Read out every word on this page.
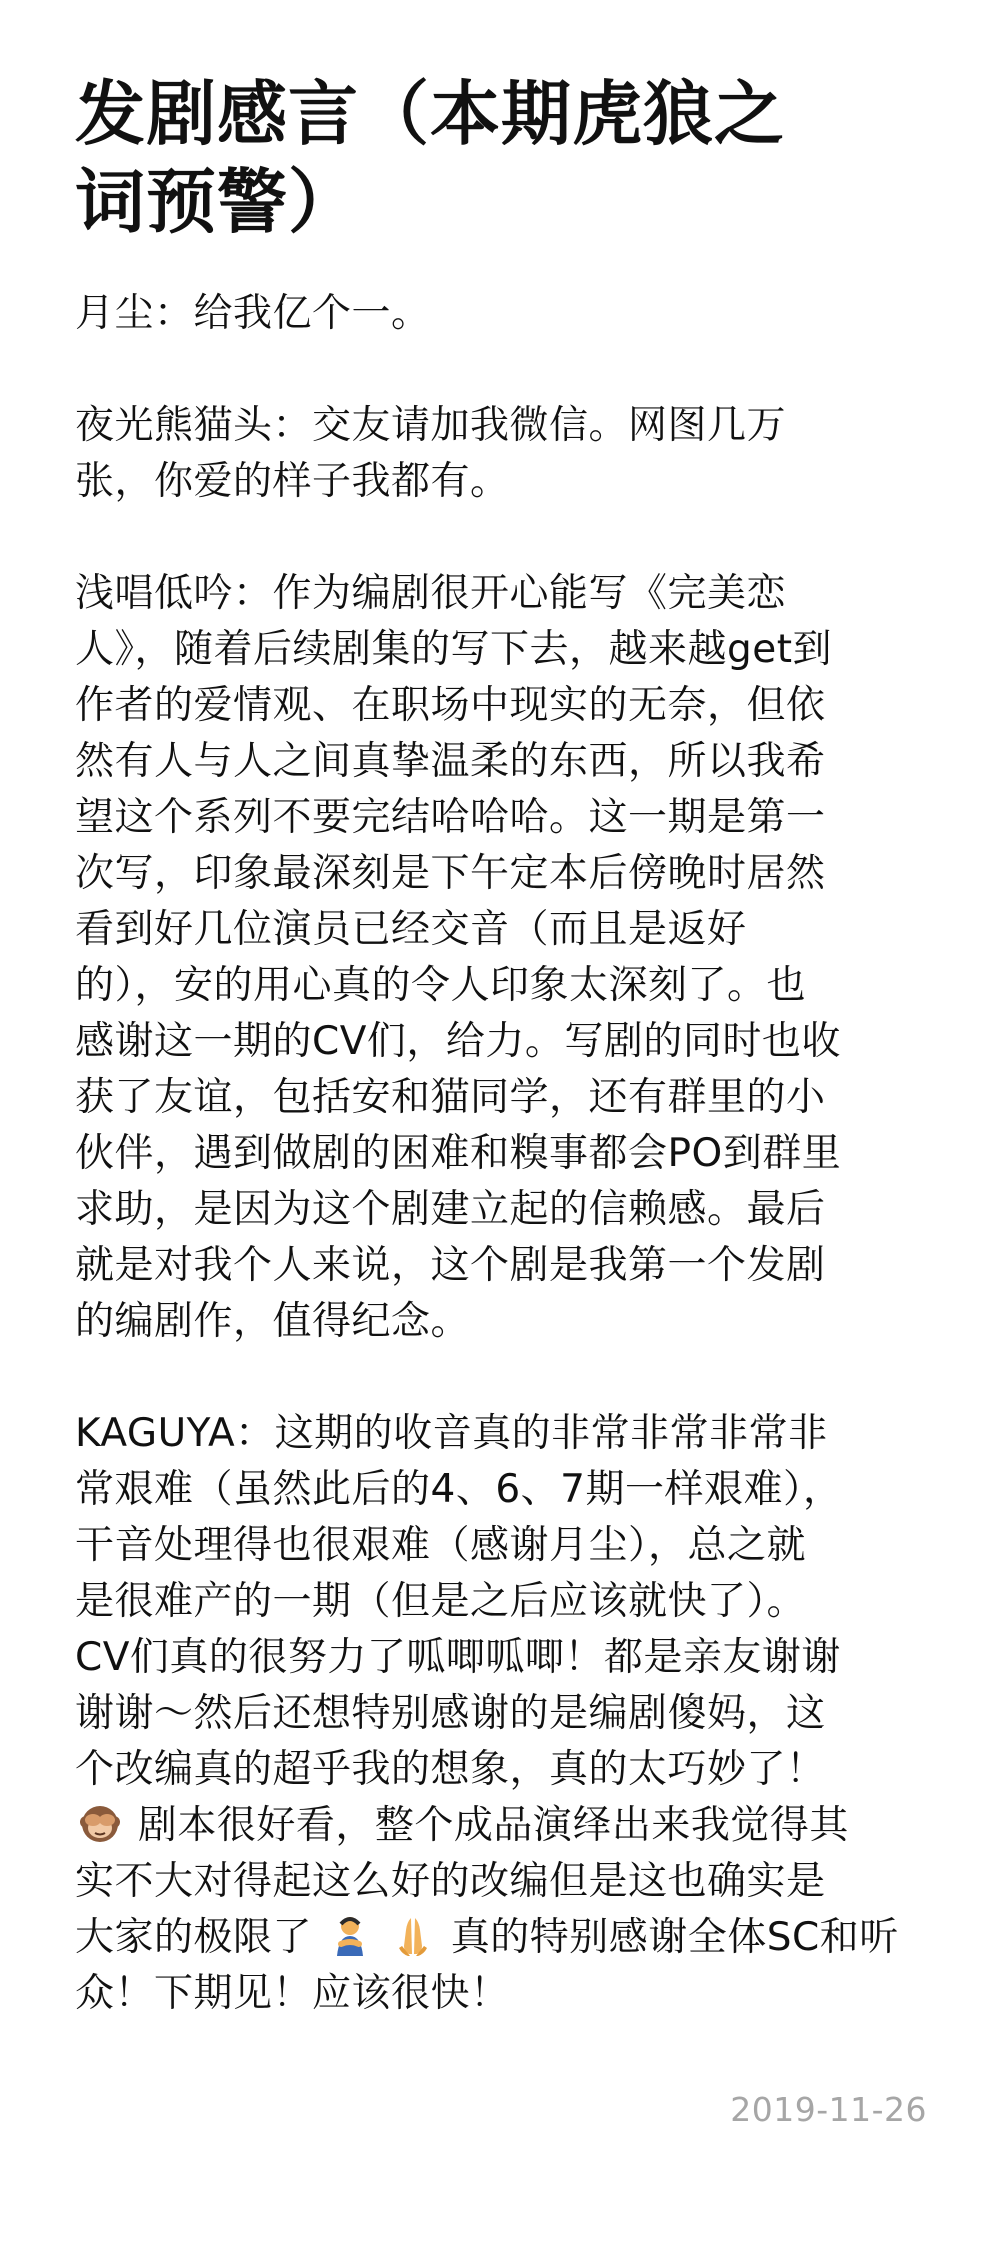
发剧感言（本期虎狼之
词预警）

月尘：给我亿个一。

夜光熊猫头：交友请加我微信。网图几万
张，你爱的样子我都有。

浅唱低吟：作为编剧很开心能写《完美恋
人》，随着后续剧集的写下去，越来越get到
作者的爱情观、在职场中现实的无奈，但依
然有人与人之间真挚温柔的东西，所以我希
望这个系列不要完结哈哈哈。这一期是第一
次写，印象最深刻是下午定本后傍晚时居然
看到好几位演员已经交音（而且是返好
的），安的用心真的令人印象太深刻了。也
感谢这一期的CV们，给力。写剧的同时也收
获了友谊，包括安和猫同学，还有群里的小
伙伴，遇到做剧的困难和糗事都会PO到群里
求助，是因为这个剧建立起的信赖感。最后
就是对我个人来说，这个剧是我第一个发剧
的编剧作，值得纪念。

KAGUYA：这期的收音真的非常非常非常非
常艰难（虽然此后的4、6、7期一样艰难），
干音处理得也很艰难（感谢月尘），总之就
是很难产的一期（但是之后应该就快了）。
CV们真的很努力了呱唧呱唧！都是亲友谢谢
谢谢～然后还想特别感谢的是编剧傻妈，这
个改编真的超乎我的想象，真的太巧妙了！
剧本很好看，整个成品演绎出来我觉得其
实不大对得起这么好的改编但是这也确实是
大家的极限了	真的特别感谢全体SC和听
众！下期见！应该很快！

2019-11-26
